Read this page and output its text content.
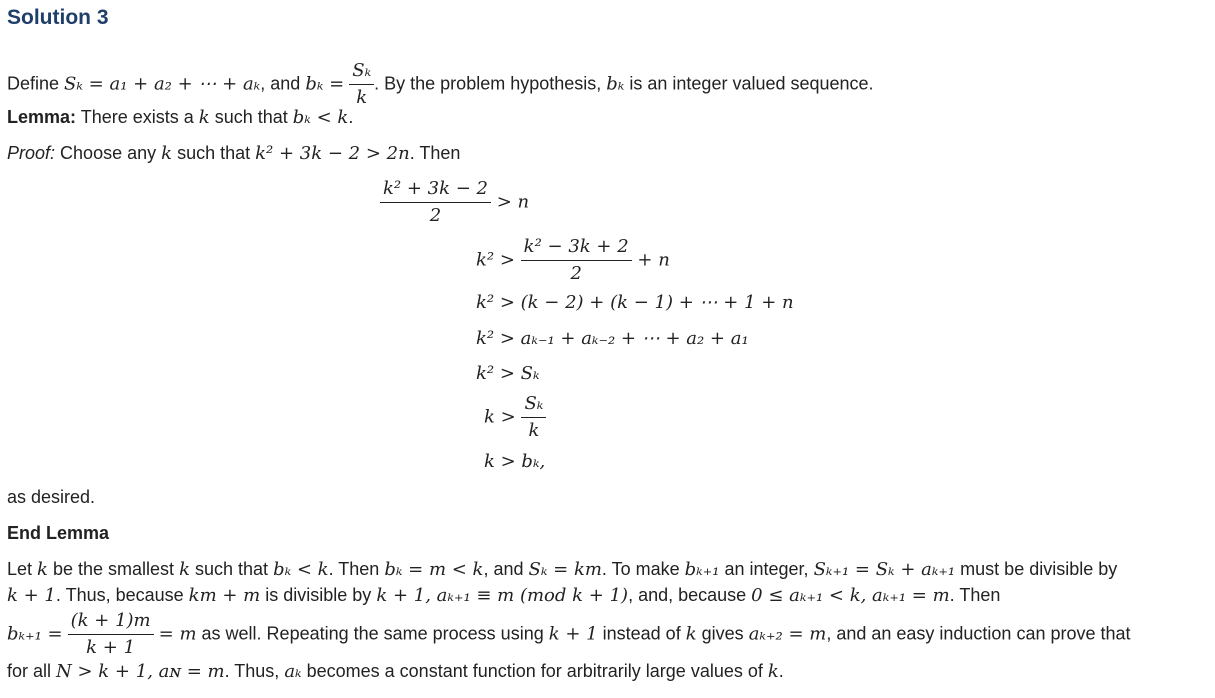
Solution 3
Define Sₖ = a₁ + a₂ + ⋯ + aₖ, and $b_k = \frac{\text{Sₖ}}{k}$ . By the problem hypothesis, bₖ is an integer valued sequence.
Lemma: There exists a k such that bₖ < k.
Proof: Choose any k such that k² + 3k − 2 > 2n. Then
$\frac{\text{k² + 3k − 2}}{2} > n$
$k^2 > \frac{\text{k² − 3k + 2}}{2} + n$
k² > (k − 2) + (k − 1) + ⋯ + 1 + n
k² > aₖ₋₁ + aₖ₋₂ + ⋯ + a₂ + a₁
k² > Sₖ
$k > \frac{\text{Sₖ}}{k}$
k > bₖ,
as desired.
End Lemma
Let k be the smallest k such that bₖ < k. Then bₖ = m < k, and Sₖ = km. To make bₖ₊₁ an integer, Sₖ₊₁ = Sₖ + aₖ₊₁ must be divisible by
k + 1. Thus, because km + m is divisible by k + 1, aₖ₊₁ ≡ m (mod k + 1), and, because 0 ≤ aₖ₊₁ < k, aₖ₊₁ = m. Then
$b_{k+1} = \frac{(k + 1)m}{k + 1} = m$ as well. Repeating the same process using k + 1 instead of k gives aₖ₊₂ = m, and an easy induction can prove that
for all N > k + 1, aɴ = m. Thus, aₖ becomes a constant function for arbitrarily large values of k.
